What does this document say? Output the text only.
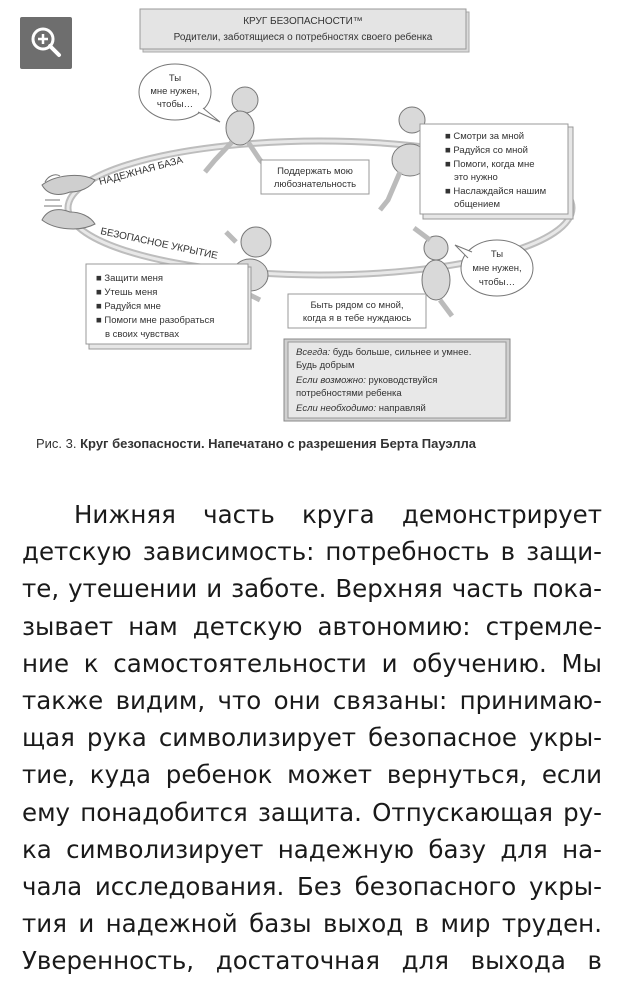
КРУГ БЕЗОПАСНОСТИ™
Родители, заботящиеся о потребностях своего ребенка
НАДЕЖНАЯ БАЗА
БЕЗОПАСНОЕ УКРЫТИЕ
Ты
мне нужен,
чтобы…
Ты
мне нужен,
чтобы…
Поддержать мою
любознательность
Быть рядом со мной,
когда я в тебе нуждаюсь
■ Смотри за мной
■ Радуйся со мной
■ Помоги, когда мне
это нужно
■ Наслаждайся нашим
общением
■ Защити меня
■ Утешь меня
■ Радуйся мне
■ Помоги мне разобраться
в своих чувствах
Всегда: будь больше, сильнее и умнее.
Будь добрым
Если возможно: руководствуйся
потребностями ребенка
Если необходимо: направляй
Рис. 3. Круг безопасности. Напечатано с разрешения Берта Пауэлла
Нижняя часть круга демонстрирует
детскую зависимость: потребность в защи-
те, утешении и заботе. Верхняя часть пока-
зывает нам детскую автономию: стремле-
ние к самостоятельности и обучению. Мы
также видим, что они связаны: принимаю-
щая рука символизирует безопасное укры-
тие, куда ребенок может вернуться, если
ему понадобится защита. Отпускающая ру-
ка символизирует надежную базу для на-
чала исследования. Без безопасного укры-
тия и надежной базы выход в мир труден.
Уверенность, достаточная для выхода в
